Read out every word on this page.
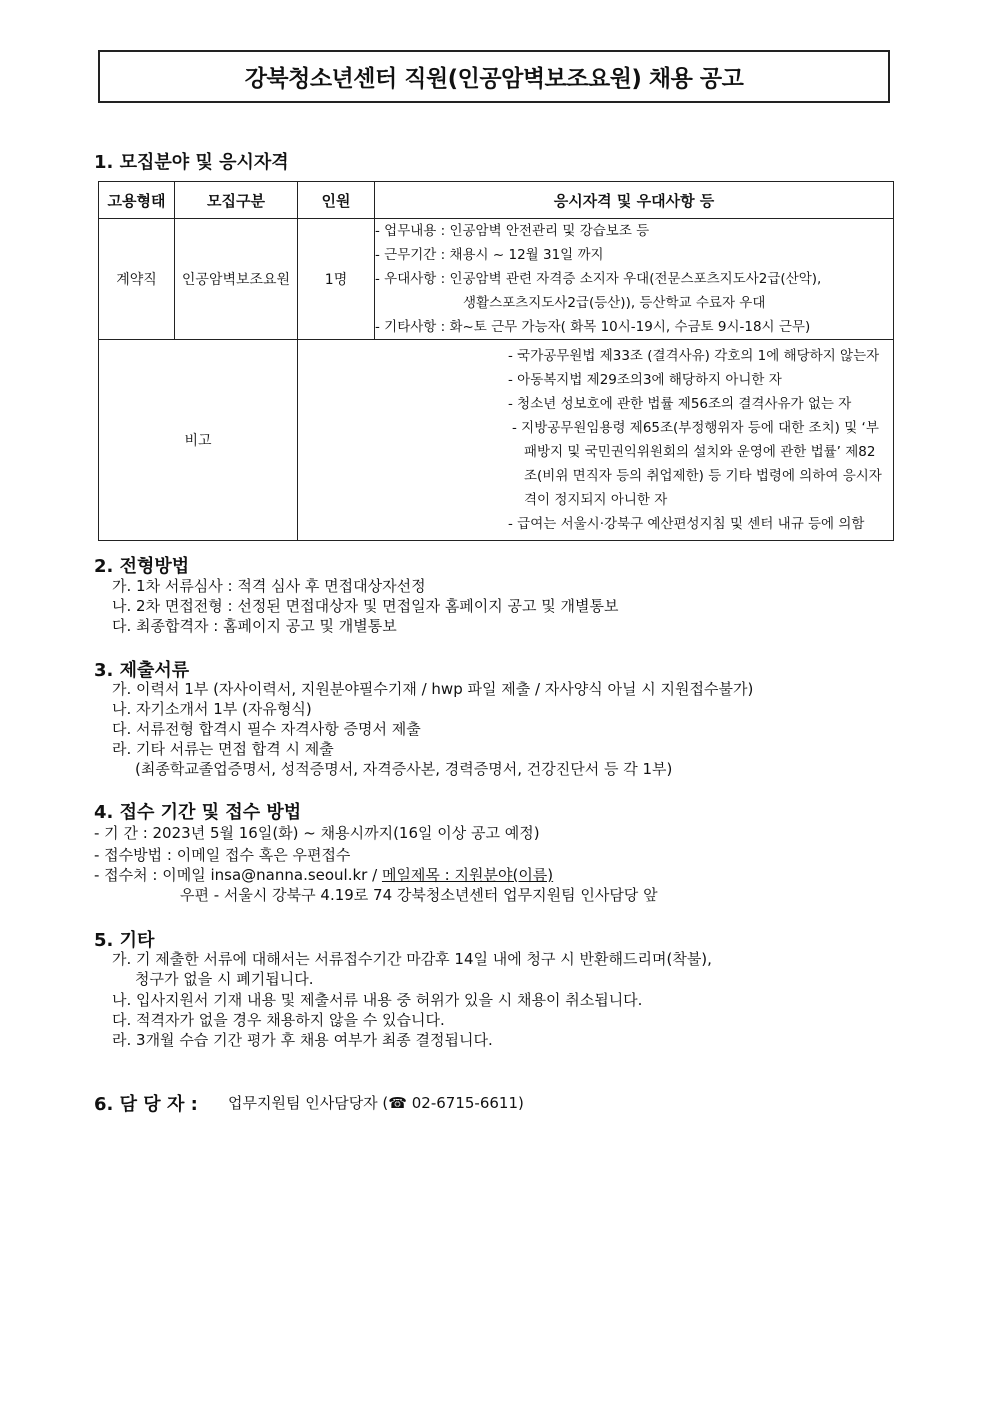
강북청소년센터 직원(인공암벽보조요원) 채용 공고
1. 모집분야 및 응시자격
고용형태	모집구분	인원	응시자격 및 우대사항 등
계약직	인공암벽보조요원	1명	- 업무내용 : 인공암벽 안전관리 및 강습보조 등
- 근무기간 : 채용시 ~ 12월 31일 까지
- 우대사항 : 인공암벽 관련 자격증 소지자 우대(전문스포츠지도사2급(산악),
생활스포츠지도사2급(등산)), 등산학교 수료자 우대
- 기타사항 : 화~토 근무 가능자( 화목 10시-19시, 수금토 9시-18시 근무)

비고		- 국가공무원법 제33조 (결격사유) 각호의 1에 해당하지 않는자
- 아동복지법 제29조의3에 해당하지 아니한 자
- 청소년 성보호에 관한 법률 제56조의 결격사유가 없는 자
- 지방공무원임용령 제65조(부정행위자 등에 대한 조치) 및 ‘부패방지 및 국민권익위원회의 설치와 운영에 관한 법률’ 제82조(비위 면직자 등의 취업제한) 등 기타 법령에 의하여 응시자격이 정지되지 아니한 자
- 급여는 서울시·강북구 예산편성지침 및 센터 내규 등에 의함	
2. 전형방법
가. 1차 서류심사 : 적격 심사 후 면접대상자선정
나. 2차 면접전형 : 선정된 면접대상자 및 면접일자 홈페이지 공고 및 개별통보
다. 최종합격자 : 홈페이지 공고 및 개별통보
3. 제출서류
가. 이력서 1부 (자사이력서, 지원분야필수기재 / hwp 파일 제출 / 자사양식 아닐 시 지원접수불가)
나. 자기소개서 1부 (자유형식)
다. 서류전형 합격시 필수 자격사항 증명서 제출
라. 기타 서류는 면접 합격 시 제출
(최종학교졸업증명서, 성적증명서, 자격증사본, 경력증명서, 건강진단서 등 각 1부)
4. 접수 기간 및 접수 방법
- 기 간 : 2023년 5월 16일(화) ~ 채용시까지(16일 이상 공고 예정)
- 접수방법 : 이메일 접수 혹은 우편접수
- 접수처 : 이메일 insa@nanna.seoul.kr / 메일제목 : 지원분야(이름)
우편 - 서울시 강북구 4.19로 74 강북청소년센터 업무지원팀 인사담당 앞
5. 기타
가. 기 제출한 서류에 대해서는 서류접수기간 마감후 14일 내에 청구 시 반환해드리며(착불),
청구가 없을 시 폐기됩니다.
나. 입사지원서 기재 내용 및 제출서류 내용 중 허위가 있을 시 채용이 취소됩니다.
다. 적격자가 없을 경우 채용하지 않을 수 있습니다.
라. 3개월 수습 기간 평가 후 채용 여부가 최종 결정됩니다.
6. 담 당 자 : 업무지원팀 인사담당자 (☎ 02-6715-6611)
